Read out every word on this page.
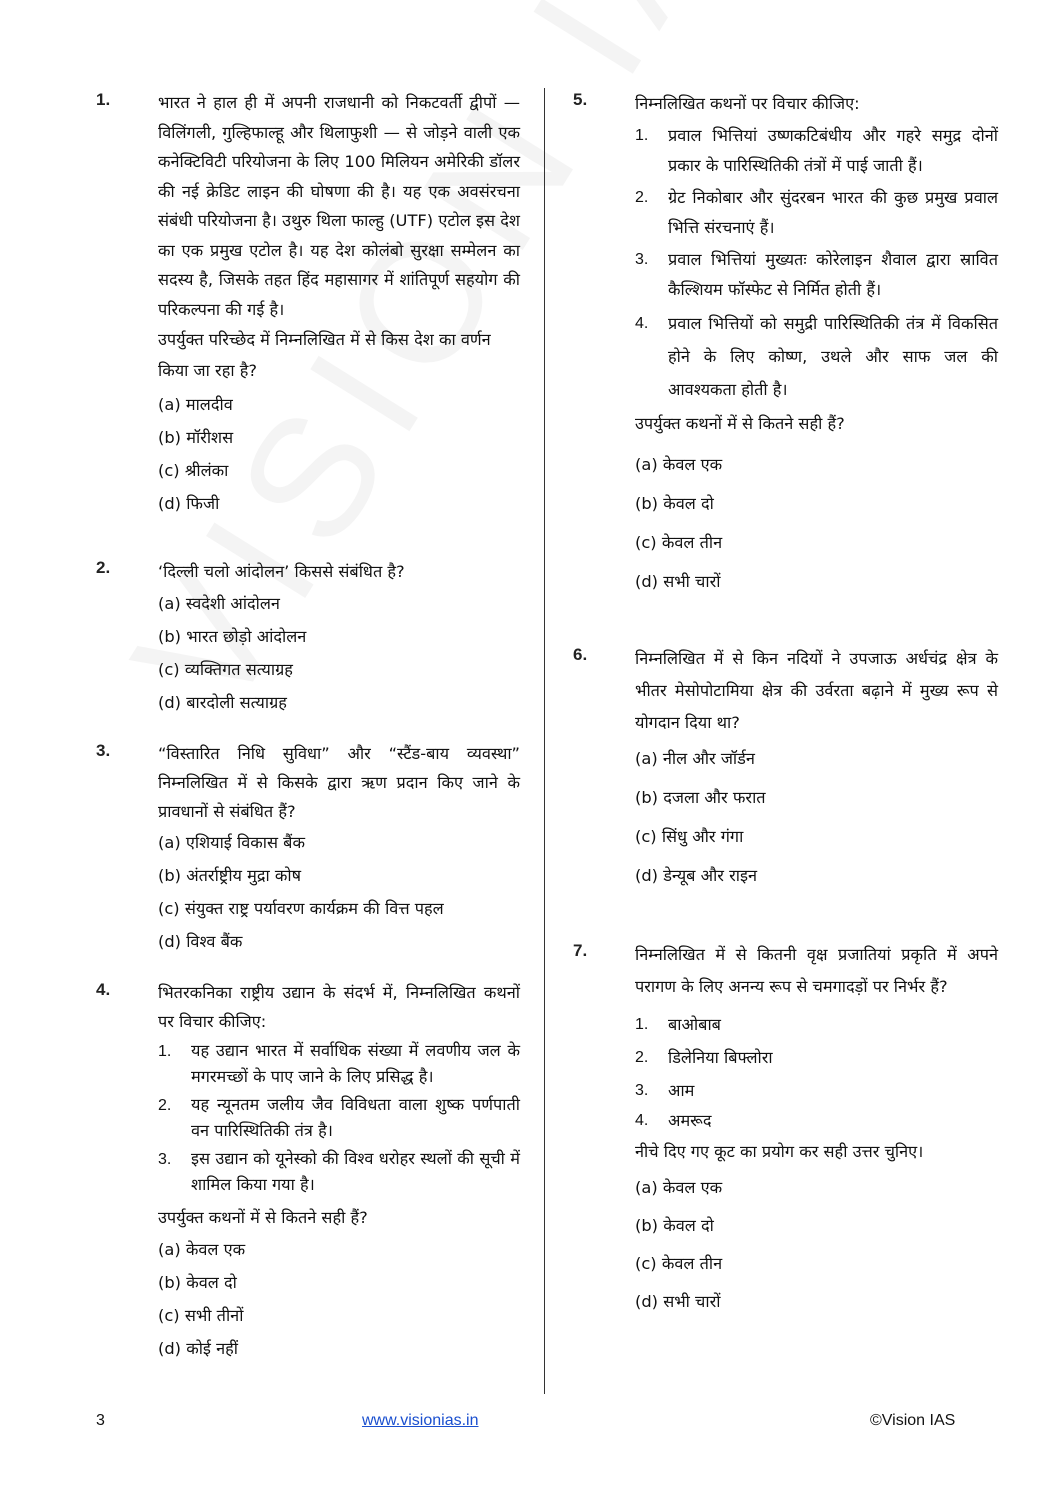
1.	भारत ने हाल ही में अपनी राजधानी को निकटवर्ती द्वीपों — विलिंगली, गुल्हिफाल्हू और थिलाफुशी — से जोड़ने वाली एक कनेक्टिविटी परियोजना के लिए 100 मिलियन अमेरिकी डॉलर की नई क्रेडिट लाइन की घोषणा की है। यह एक अवसंरचना संबंधी परियोजना है। उथुरु थिला फाल्हु (UTF) एटोल इस देश का एक प्रमुख एटोल है। यह देश कोलंबो सुरक्षा सम्मेलन का सदस्य है, जिसके तहत हिंद महासागर में शांतिपूर्ण सहयोग की परिकल्पना की गई है।
उपर्युक्त परिच्छेद में निम्नलिखित में से किस देश का वर्णन किया जा रहा है?
(a) मालदीव
(b) मॉरीशस
(c) श्रीलंका
(d) फिजी
2.	‘दिल्ली चलो आंदोलन’ किससे संबंधित है?
(a) स्वदेशी आंदोलन
(b) भारत छोड़ो आंदोलन
(c) व्यक्तिगत सत्याग्रह
(d) बारदोली सत्याग्रह
3.	“विस्तारित निधि सुविधा” और “स्टैंड-बाय व्यवस्था” निम्नलिखित में से किसके द्वारा ऋण प्रदान किए जाने के प्रावधानों से संबंधित हैं?
(a) एशियाई विकास बैंक
(b) अंतर्राष्ट्रीय मुद्रा कोष
(c) संयुक्त राष्ट्र पर्यावरण कार्यक्रम की वित्त पहल
(d) विश्व बैंक
4.	भितरकनिका राष्ट्रीय उद्यान के संदर्भ में, निम्नलिखित कथनों पर विचार कीजिए:
1.	यह उद्यान भारत में सर्वाधिक संख्या में लवणीय जल के मगरमच्छों के पाए जाने के लिए प्रसिद्ध है।
2.	यह न्यूनतम जलीय जैव विविधता वाला शुष्क पर्णपाती वन पारिस्थितिकी तंत्र है।
3.	इस उद्यान को यूनेस्को की विश्व धरोहर स्थलों की सूची में शामिल किया गया है।
उपर्युक्त कथनों में से कितने सही हैं?
(a) केवल एक
(b) केवल दो
(c) सभी तीनों
(d) कोई नहीं
5.	निम्नलिखित कथनों पर विचार कीजिए:
1.	प्रवाल भित्तियां उष्णकटिबंधीय और गहरे समुद्र दोनों प्रकार के पारिस्थितिकी तंत्रों में पाई जाती हैं।
2.	ग्रेट निकोबार और सुंदरबन भारत की कुछ प्रमुख प्रवाल भित्ति संरचनाएं हैं।
3.	प्रवाल भित्तियां मुख्यतः कोरेलाइन शैवाल द्वारा स्रावित कैल्शियम फॉस्फेट से निर्मित होती हैं।
4.	प्रवाल भित्तियों को समुद्री पारिस्थितिकी तंत्र में विकसित होने के लिए कोष्ण, उथले और साफ जल की आवश्यकता होती है।
उपर्युक्त कथनों में से कितने सही हैं?
(a) केवल एक
(b) केवल दो
(c) केवल तीन
(d) सभी चारों
6.	निम्नलिखित में से किन नदियों ने उपजाऊ अर्धचंद्र क्षेत्र के भीतर मेसोपोटामिया क्षेत्र की उर्वरता बढ़ाने में मुख्य रूप से योगदान दिया था?
(a) नील और जॉर्डन
(b) दजला और फरात
(c) सिंधु और गंगा
(d) डेन्यूब और राइन
7.	निम्नलिखित में से कितनी वृक्ष प्रजातियां प्रकृति में अपने परागण के लिए अनन्य रूप से चमगादड़ों पर निर्भर हैं?
1.	बाओबाब
2.	डिलेनिया बिफ्लोरा
3.	आम
4.	अमरूद
नीचे दिए गए कूट का प्रयोग कर सही उत्तर चुनिए।
(a) केवल एक
(b) केवल दो
(c) केवल तीन
(d) सभी चारों
3	www.visionias.in	©Vision IAS
